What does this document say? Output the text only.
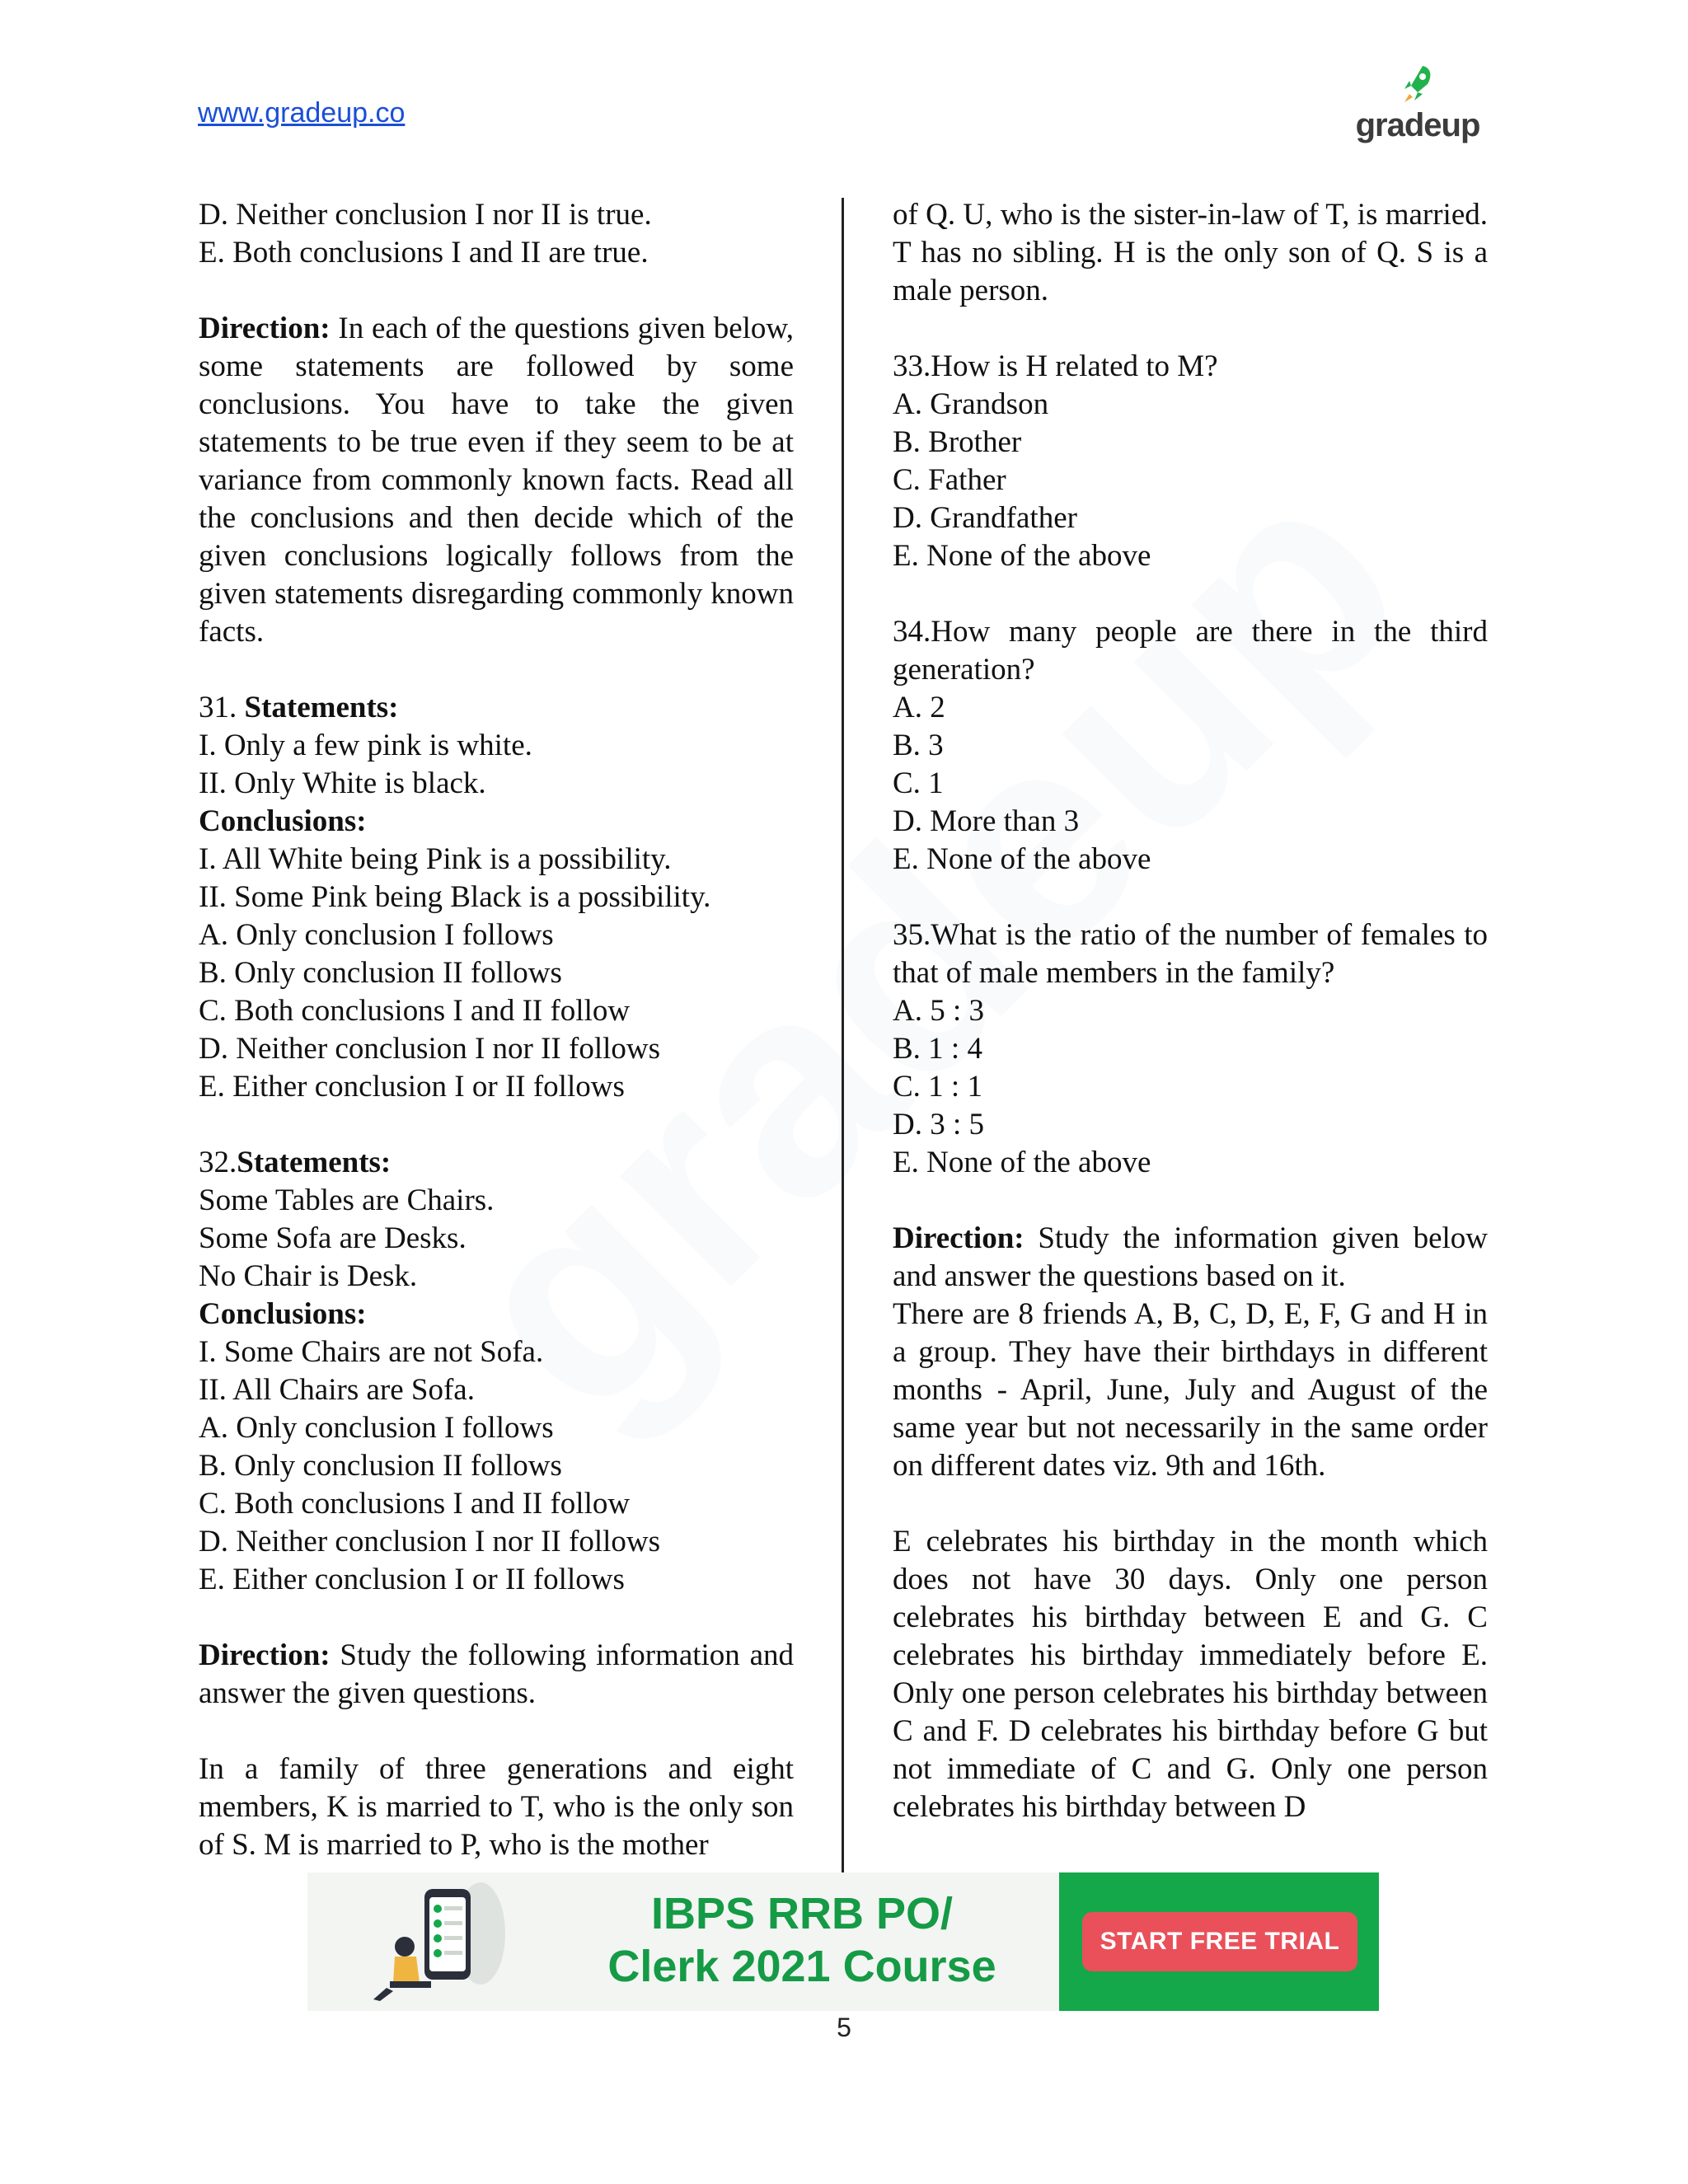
www.gradeup.co	gradeup

D. Neither conclusion I nor II is true.

E. Both conclusions I and II are true.

Direction: In each of the questions given below, some statements are followed by some conclusions. You have to take the given statements to be true even if they seem to be at variance from commonly known facts. Read all the conclusions and then decide which of the given conclusions logically follows from the given statements disregarding commonly known facts.

31. Statements:

I. Only a few pink is white.

II. Only White is black.

Conclusions:

I. All White being Pink is a possibility.

II. Some Pink being Black is a possibility.

A. Only conclusion I follows

B. Only conclusion II follows

C. Both conclusions I and II follow

D. Neither conclusion I nor II follows

E. Either conclusion I or II follows

32.Statements:

Some Tables are Chairs.

Some Sofa are Desks.

No Chair is Desk.

Conclusions:

I. Some Chairs are not Sofa.

II. All Chairs are Sofa.

A. Only conclusion I follows

B. Only conclusion II follows

C. Both conclusions I and II follow

D. Neither conclusion I nor II follows

E. Either conclusion I or II follows

Direction: Study the following information and answer the given questions.

In a family of three generations and eight members, K is married to T, who is the only son of S. M is married to P, who is the mother

of Q. U, who is the sister-in-law of T, is married. T has no sibling. H is the only son of Q. S is a male person.

33.How is H related to M?

A. Grandson

B. Brother

C. Father

D. Grandfather

E. None of the above

34.How many people are there in the third generation?

A. 2

B. 3

C. 1

D. More than 3

E. None of the above

35.What is the ratio of the number of females to that of male members in the family?

A. 5 : 3

B. 1 : 4

C. 1 : 1

D. 3 : 5

E. None of the above

Direction: Study the information given below and answer the questions based on it.

There are 8 friends A, B, C, D, E, F, G and H in a group. They have their birthdays in different months - April, June, July and August of the same year but not necessarily in the same order on different dates viz. 9th and 16th.

E celebrates his birthday in the month which does not have 30 days. Only one person celebrates his birthday between E and G. C celebrates his birthday immediately before E. Only one person celebrates his birthday between C and F. D celebrates his birthday before G but not immediate of C and G. Only one person celebrates his birthday between D

IBPS RRB PO/
Clerk 2021 Course
START FREE TRIAL
5
